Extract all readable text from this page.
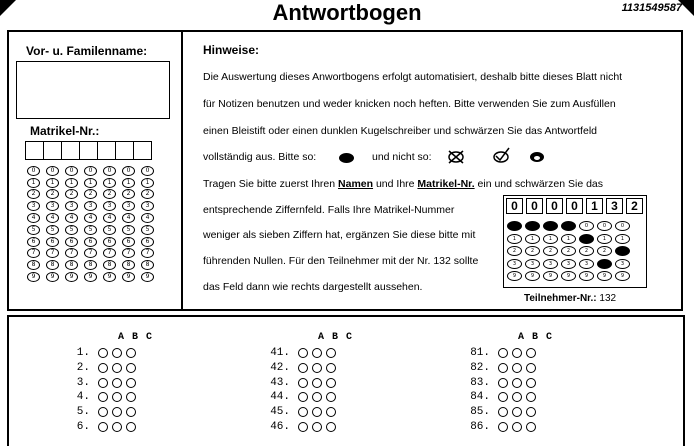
Antwortbogen	1131549587
Vor- u. Familenname:
Matrikel-Nr.:
0	0	0	0	0	0	0
1	1	1	1	1	1	1
2	2	2	2	2	2	2
3	3	3	3	3	3	3
4	4	4	4	4	4	4
5	5	5	5	5	5	5
6	6	6	6	6	6	6
7	7	7	7	7	7	7
8	8	8	8	8	8	8
9	9	9	9	9	9	9
Hinweise:
Die Auswertung dieses Anwortbogens erfolgt automatisiert, deshalb bitte dieses Blatt nicht
für Notizen benutzen und weder knicken noch heften. Bitte verwenden Sie zum Ausfüllen
einen Bleistift oder einen dunklen Kugelschreiber und schwärzen Sie das Antwortfeld
vollständig aus. Bitte so:	und nicht so:
Tragen Sie bitte zuerst Ihren Namen und Ihre Matrikel-Nr. ein und schwärzen Sie das
entsprechende Ziffernfeld. Falls Ihre Matrikel-Nummer
weniger als sieben Ziffern hat, ergänzen Sie diese bitte mit
führenden Nullen. Für den Teilnehmer mit der Nr. 132 sollte
das Feld dann wie rechts dargestellt aussehen.
0	0	0	0	1	3	2
0	0	0	0	0	0	0
1	1	1	1	1	1	1
2	2	2	2	2	2	2
3	3	3	3	3	3	3
9	9	9	9	9	9	9
Teilnehmer-Nr.: 132
A B C
1.
2.
3.
4.
5.
6.
A B C
41.
42.
43.
44.
45.
46.
A B C
81.
82.
83.
84.
85.
86.
